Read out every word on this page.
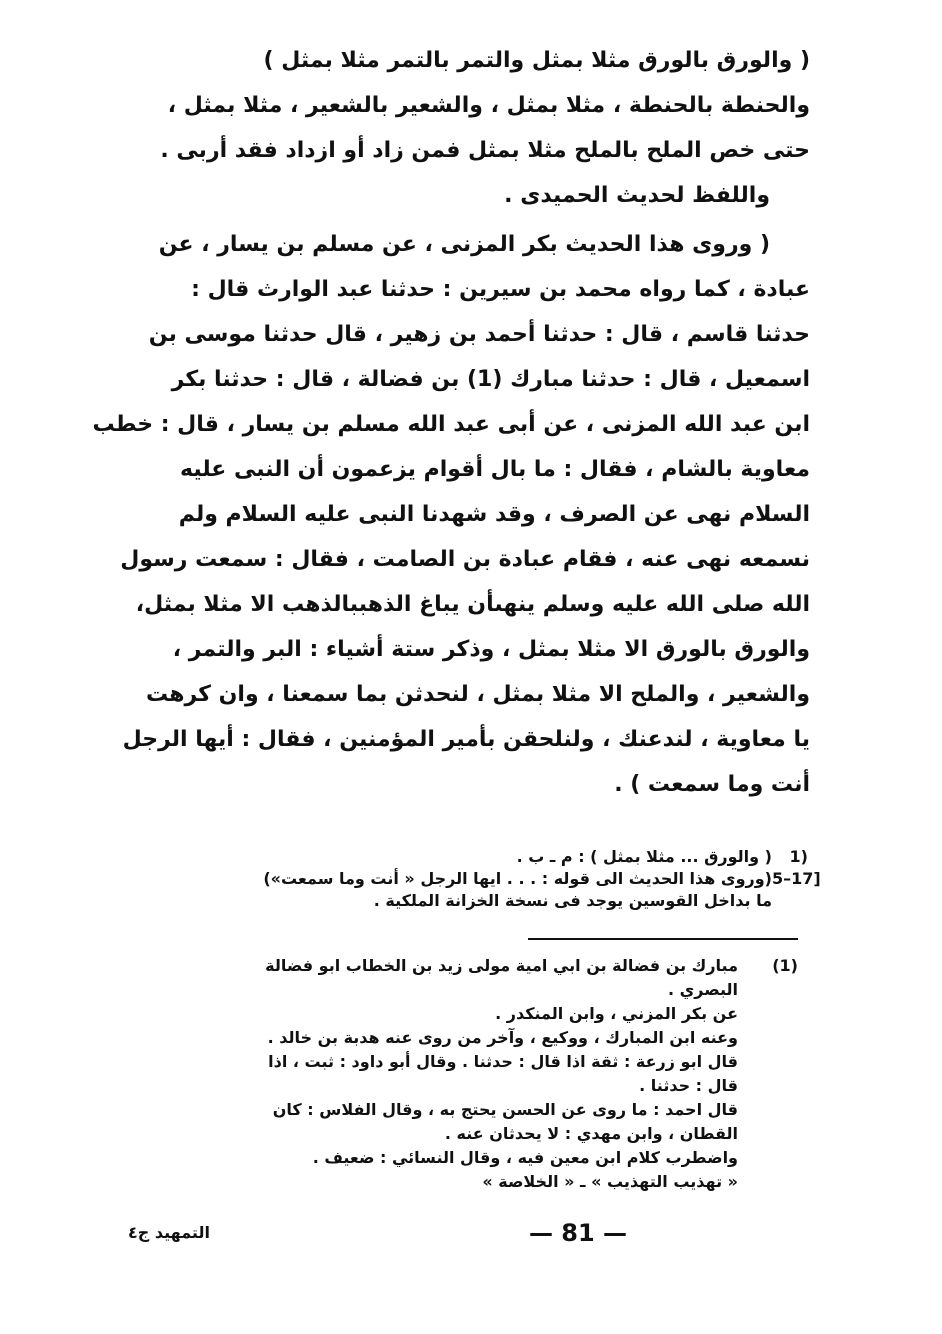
( والورق بالورق مثلا بمثل والتمر بالتمر مثلا بمثل )
والحنطة بالحنطة ، مثلا بمثل ، والشعير بالشعير ، مثلا بمثل ،
حتى خص الملح بالملح مثلا بمثل فمن زاد أو ازداد فقد أربى .
واللفظ لحديث الحميدى .
( وروى هذا الحديث بكر المزنى ، عن مسلم بن يسار ، عن
عبادة ، كما رواه محمد بن سيرين : حدثنا عبد الوارث قال :
حدثنا قاسم ، قال : حدثنا أحمد بن زهير ، قال حدثنا موسى بن
اسمعيل ، قال : حدثنا مبارك (1) بن فضالة ، قال : حدثنا بكر
ابن عبد الله المزنى ، عن أبى عبد الله مسلم بن يسار ، قال : خطب
معاوية بالشام ، فقال : ما بال أقوام يزعمون أن النبى عليه
السلام نهى عن الصرف ، وقد شهدنا النبى عليه السلام ولم
نسمعه نهى عنه ، فقام عبادة بن الصامت ، فقال : سمعت رسول
الله صلى الله عليه وسلم ينهىأن يباغ الذهببالذهب الا مثلا بمثل،
والورق بالورق الا مثلا بمثل ، وذكر ستة أشياء : البر والتمر ،
والشعير ، والملح الا مثلا بمثل ، لنحدثن بما سمعنا ، وان كرهت
يا معاوية ، لندعنك ، ولنلحقن بأمير المؤمنين ، فقال : أيها الرجل
أنت وما سمعت ) .
1)
( والورق ... مثلا بمثل ) : م ـ ب .
5–17]
(وروى هذا الحديث الى قوله : . . . ايها الرجل « أنت وما سمعت»)
ما بداخل القوسين يوجد فى نسخة الخزانة الملكية .
(1)
مبارك بن فضالة بن ابي امية مولى زيد بن الخطاب ابو فضالة
البصري .
عن بكر المزني ، وابن المنكدر .
وعنه ابن المبارك ، ووكيع ، وآخر من روى عنه هدبة بن خالد .
قال ابو زرعة : ثقة اذا قال : حدثنا . وقال أبو داود : ثبت ، اذا
قال : حدثنا .
قال احمد : ما روى عن الحسن يحتج به ، وقال الفلاس : كان
القطان ، وابن مهدي : لا يحدثان عنه .
واضطرب كلام ابن معين فيه ، وقال النسائي : ضعيف .
« تهذيب التهذيب » ـ « الخلاصة »
— 81 —
التمهيد ج٤
